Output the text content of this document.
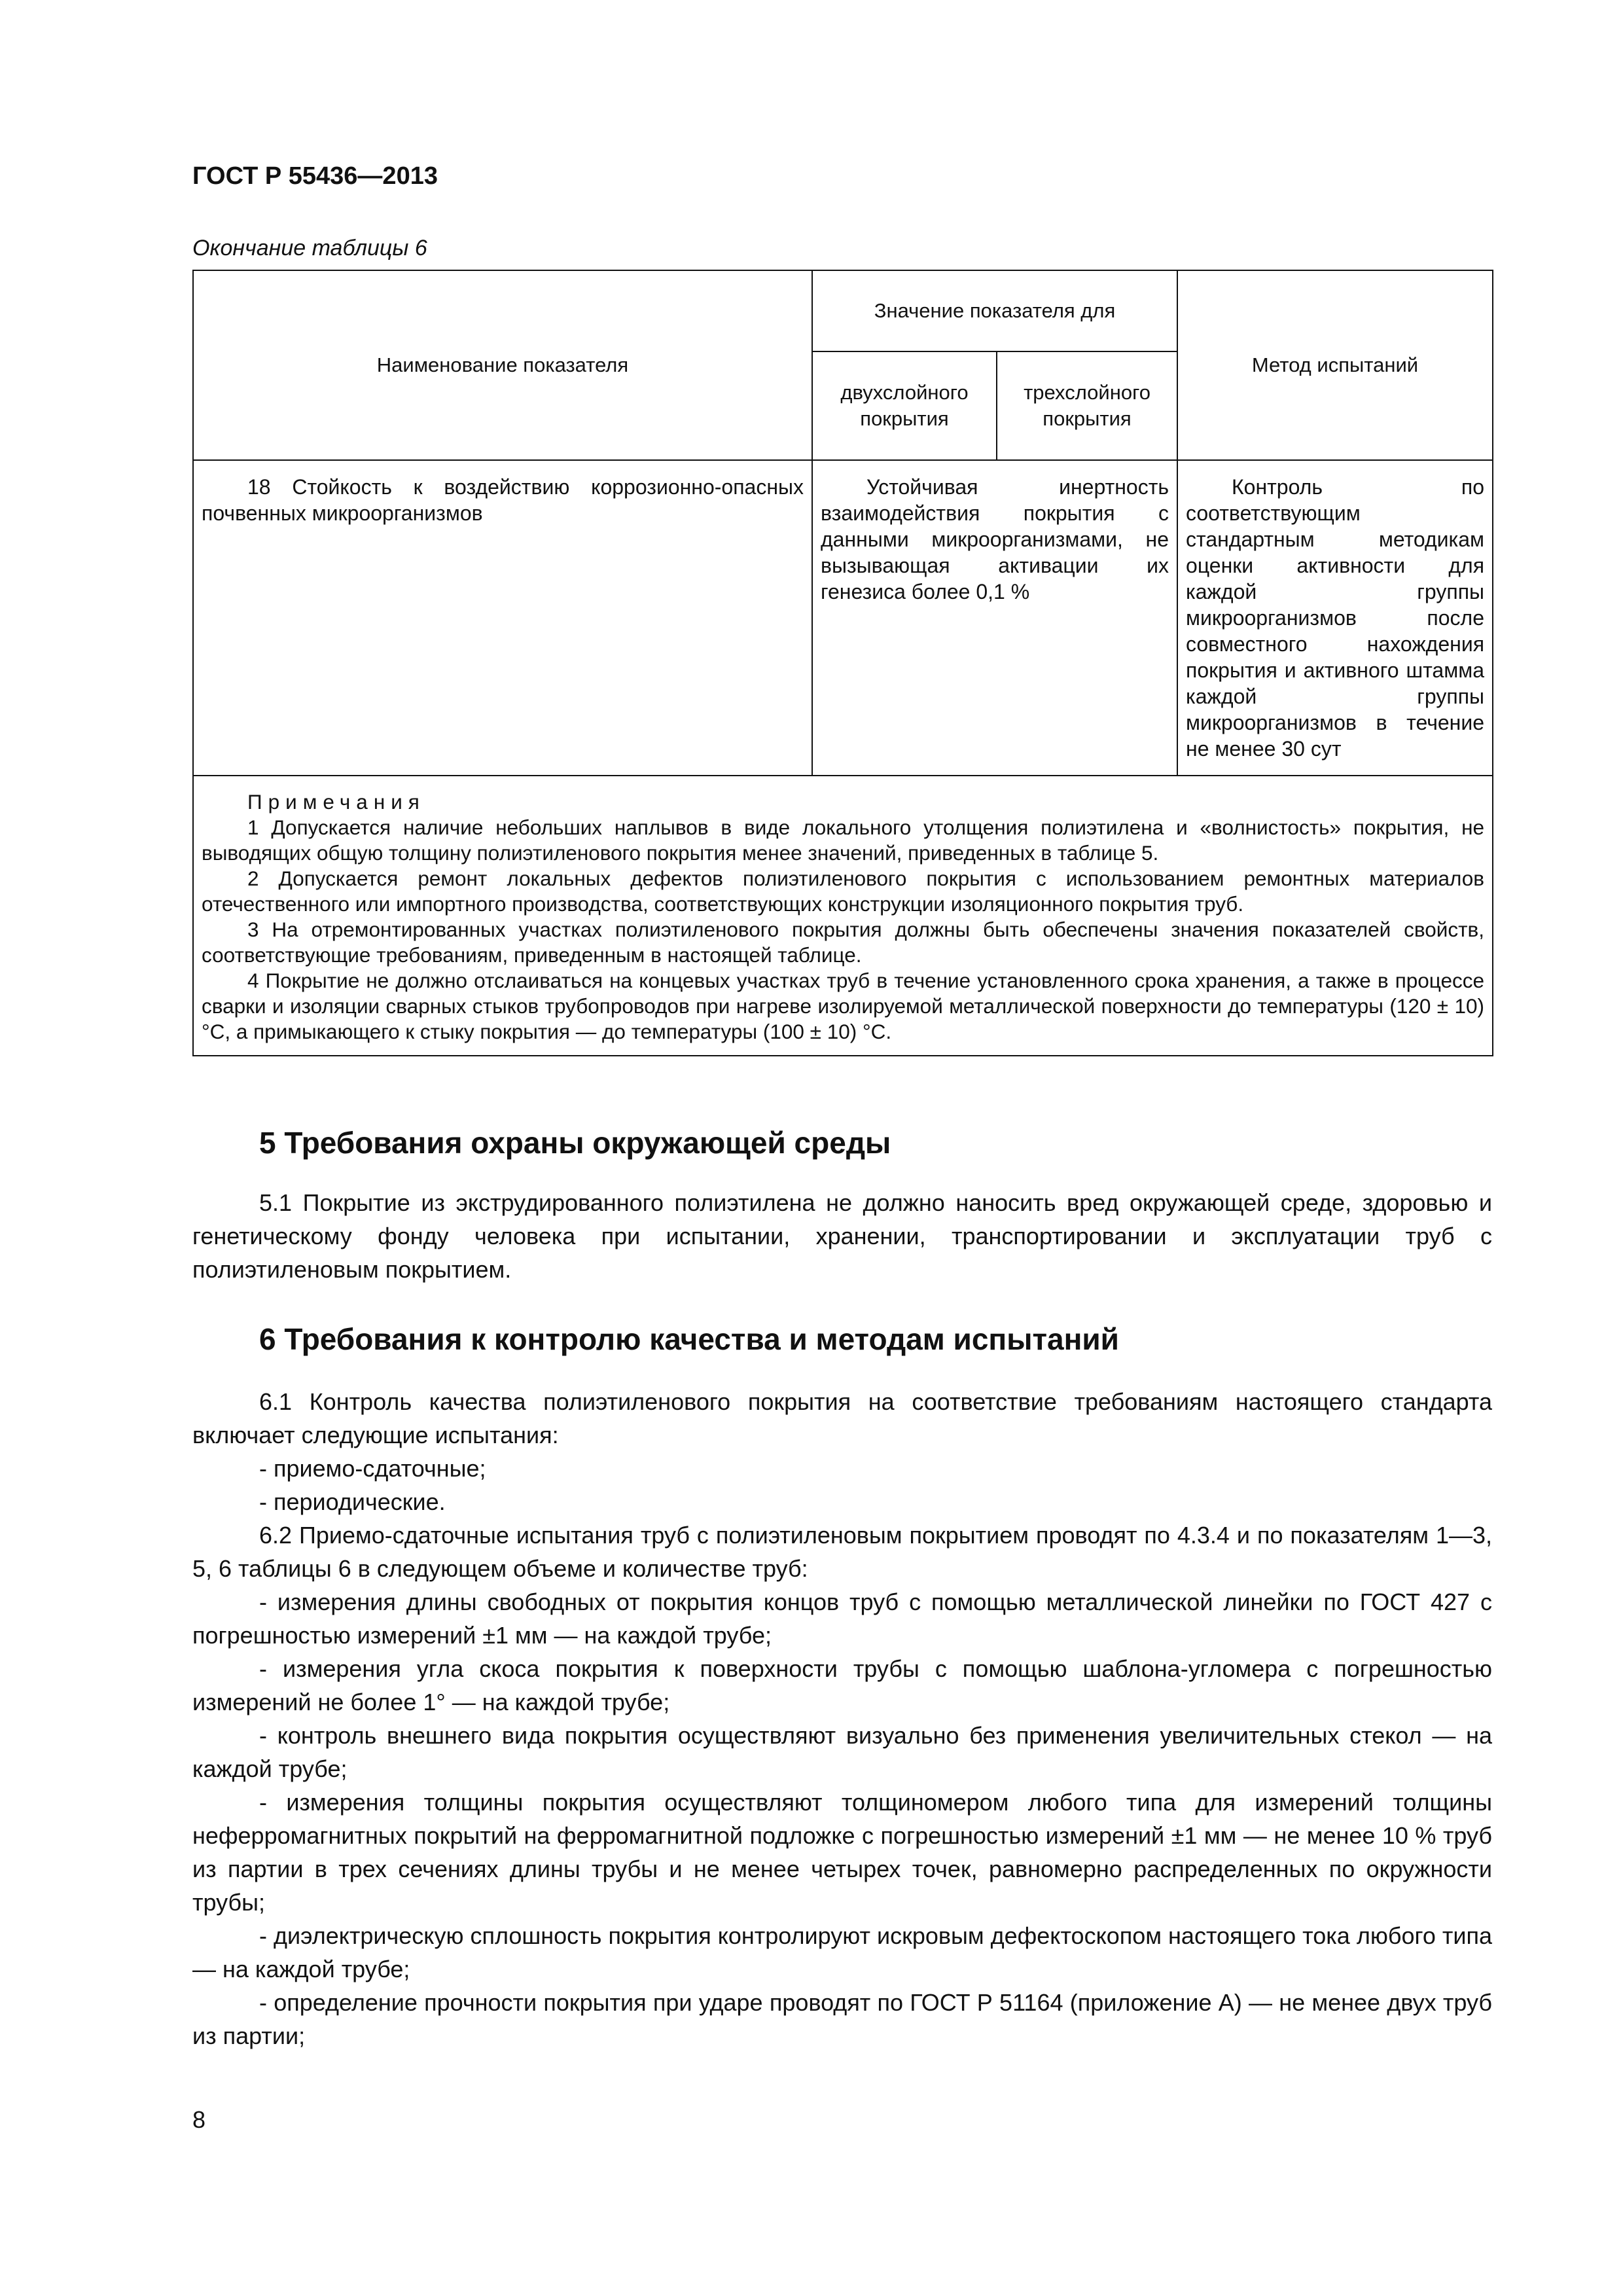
ГОСТ Р 55436—2013
Окончание таблицы 6
Наименование показателя	Значение показателя для		Метод испытаний
	двухслойного покрытия	трехслойного покрытия	

18 Стойкость к воздействию коррозионно-опасных почвенных микроорганизмов	Устойчивая инертность взаимодействия покрытия с данными микроорганизмами, не вызывающая активации их генезиса более 0,1 %		Контроль по соответствующим стандартным методикам оценки активности для каждой группы микроорганизмов после совместного нахождения покрытия и активного штамма каждой группы микроорганизмов в течение не менее 30 сут

Примечания

1 Допускается наличие небольших наплывов в виде локального утолщения полиэтилена и «волнистость» покрытия, не выводящих общую толщину полиэтиленового покрытия менее значений, приведенных в таблице 5.

2 Допускается ремонт локальных дефектов полиэтиленового покрытия с использованием ремонтных материалов отечественного или импортного производства, соответствующих конструкции изоляционного покрытия труб.

3 На отремонтированных участках полиэтиленового покрытия должны быть обеспечены значения показателей свойств, соответствующие требованиям, приведенным в настоящей таблице.

4 Покрытие не должно отслаиваться на концевых участках труб в течение установленного срока хранения, а также в процессе сварки и изоляции сварных стыков трубопроводов при нагреве изолируемой металлической поверхности до температуры (120 ± 10) °С, а примыкающего к стыку покрытия — до температуры (100 ± 10) °С.			

5 Требования охраны окружающей среды

5.1 Покрытие из экструдированного полиэтилена не должно наносить вред окружающей среде, здоровью и генетическому фонду человека при испытании, хранении, транспортировании и эксплуатации труб с полиэтиленовым покрытием.

6 Требования к контролю качества и методам испытаний

6.1 Контроль качества полиэтиленового покрытия на соответствие требованиям настоящего стандарта включает следующие испытания:

- приемо-сдаточные;

- периодические.

6.2 Приемо-сдаточные испытания труб с полиэтиленовым покрытием проводят по 4.3.4 и по показателям 1—3, 5, 6 таблицы 6 в следующем объеме и количестве труб:

- измерения длины свободных от покрытия концов труб с помощью металлической линейки по ГОСТ 427 с погрешностью измерений ±1 мм — на каждой трубе;

- измерения угла скоса покрытия к поверхности трубы с помощью шаблона-угломера с погрешностью измерений не более 1° — на каждой трубе;

- контроль внешнего вида покрытия осуществляют визуально без применения увеличительных стекол — на каждой трубе;

- измерения толщины покрытия осуществляют толщиномером любого типа для измерений толщины неферромагнитных покрытий на ферромагнитной подложке с погрешностью измерений ±1 мм — не менее 10 % труб из партии в трех сечениях длины трубы и не менее четырех точек, равномерно распределенных по окружности трубы;

- диэлектрическую сплошность покрытия контролируют искровым дефектоскопом настоящего тока любого типа — на каждой трубе;

- определение прочности покрытия при ударе проводят по ГОСТ Р 51164 (приложение А) — не менее двух труб из партии;

8
